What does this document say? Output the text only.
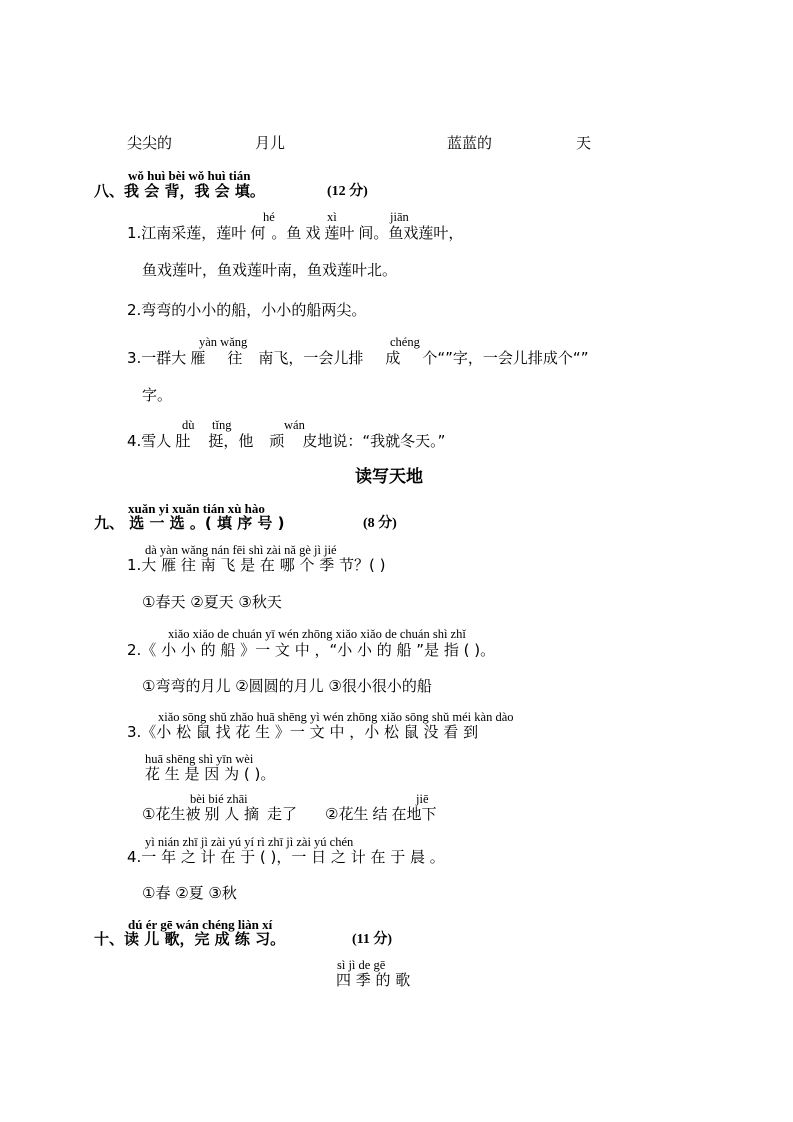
尖尖的	月儿	蓝蓝的	天
wǒ huì bèi wǒ huì tián
八、我 会 背，我 会 填。	(12 分)
hé	xì	jiān
1.江南采莲，莲叶 何 。鱼 戏 莲叶 间。鱼戏莲叶，
鱼戏莲叶，鱼戏莲叶南，鱼戏莲叶北。
2.弯弯的小小的船，小小的船两尖。
yàn wǎng	chéng
3.一群大 雁 往 南飞，一会儿排 成 个“”字，一会儿排成个“”
字。
dù tǐng	wán
4.雪人 肚 挺，他 顽 皮地说：“我就冬天。”
读写天地
xuǎn yi xuǎn tián xù hào
九、 选 一 选 。( 填 序 号 )	(8 分)
dà yàn wǎng nán fēi shì zài nǎ gè jì jié
1.大 雁 往 南 飞 是 在 哪 个 季 节？( )
①春天 ②夏天 ③秋天
xiǎo xiǎo de chuán yī wén zhōng xiǎo xiǎo de chuán shì zhǐ
2.《 小 小 的 船 》一 文 中 ，“小 小 的 船 ”是 指 ( )。
①弯弯的月儿 ②圆圆的月儿 ③很小很小的船
xiǎo sōng shǔ zhǎo huā shēng yì wén zhōng xiǎo sōng shǔ méi kàn dào
3.《小 松 鼠 找 花 生 》一 文 中 ，小 松 鼠 没 看 到
huā shēng shì yīn wèi
花 生 是 因 为 ( )。
bèi bié zhāi	jiē
①花生被 别 人 摘 走了 ②花生 结 在地下
yì nián zhī jì zài yú yí rì zhī jì zài yú chén
4.一 年 之 计 在 于 ( )，一 日 之 计 在 于 晨 。
①春 ②夏 ③秋
dú ér gē wán chéng liàn xí
十、读 儿 歌，完 成 练 习。	(11 分)
sì jì de gē
四 季 的 歌
